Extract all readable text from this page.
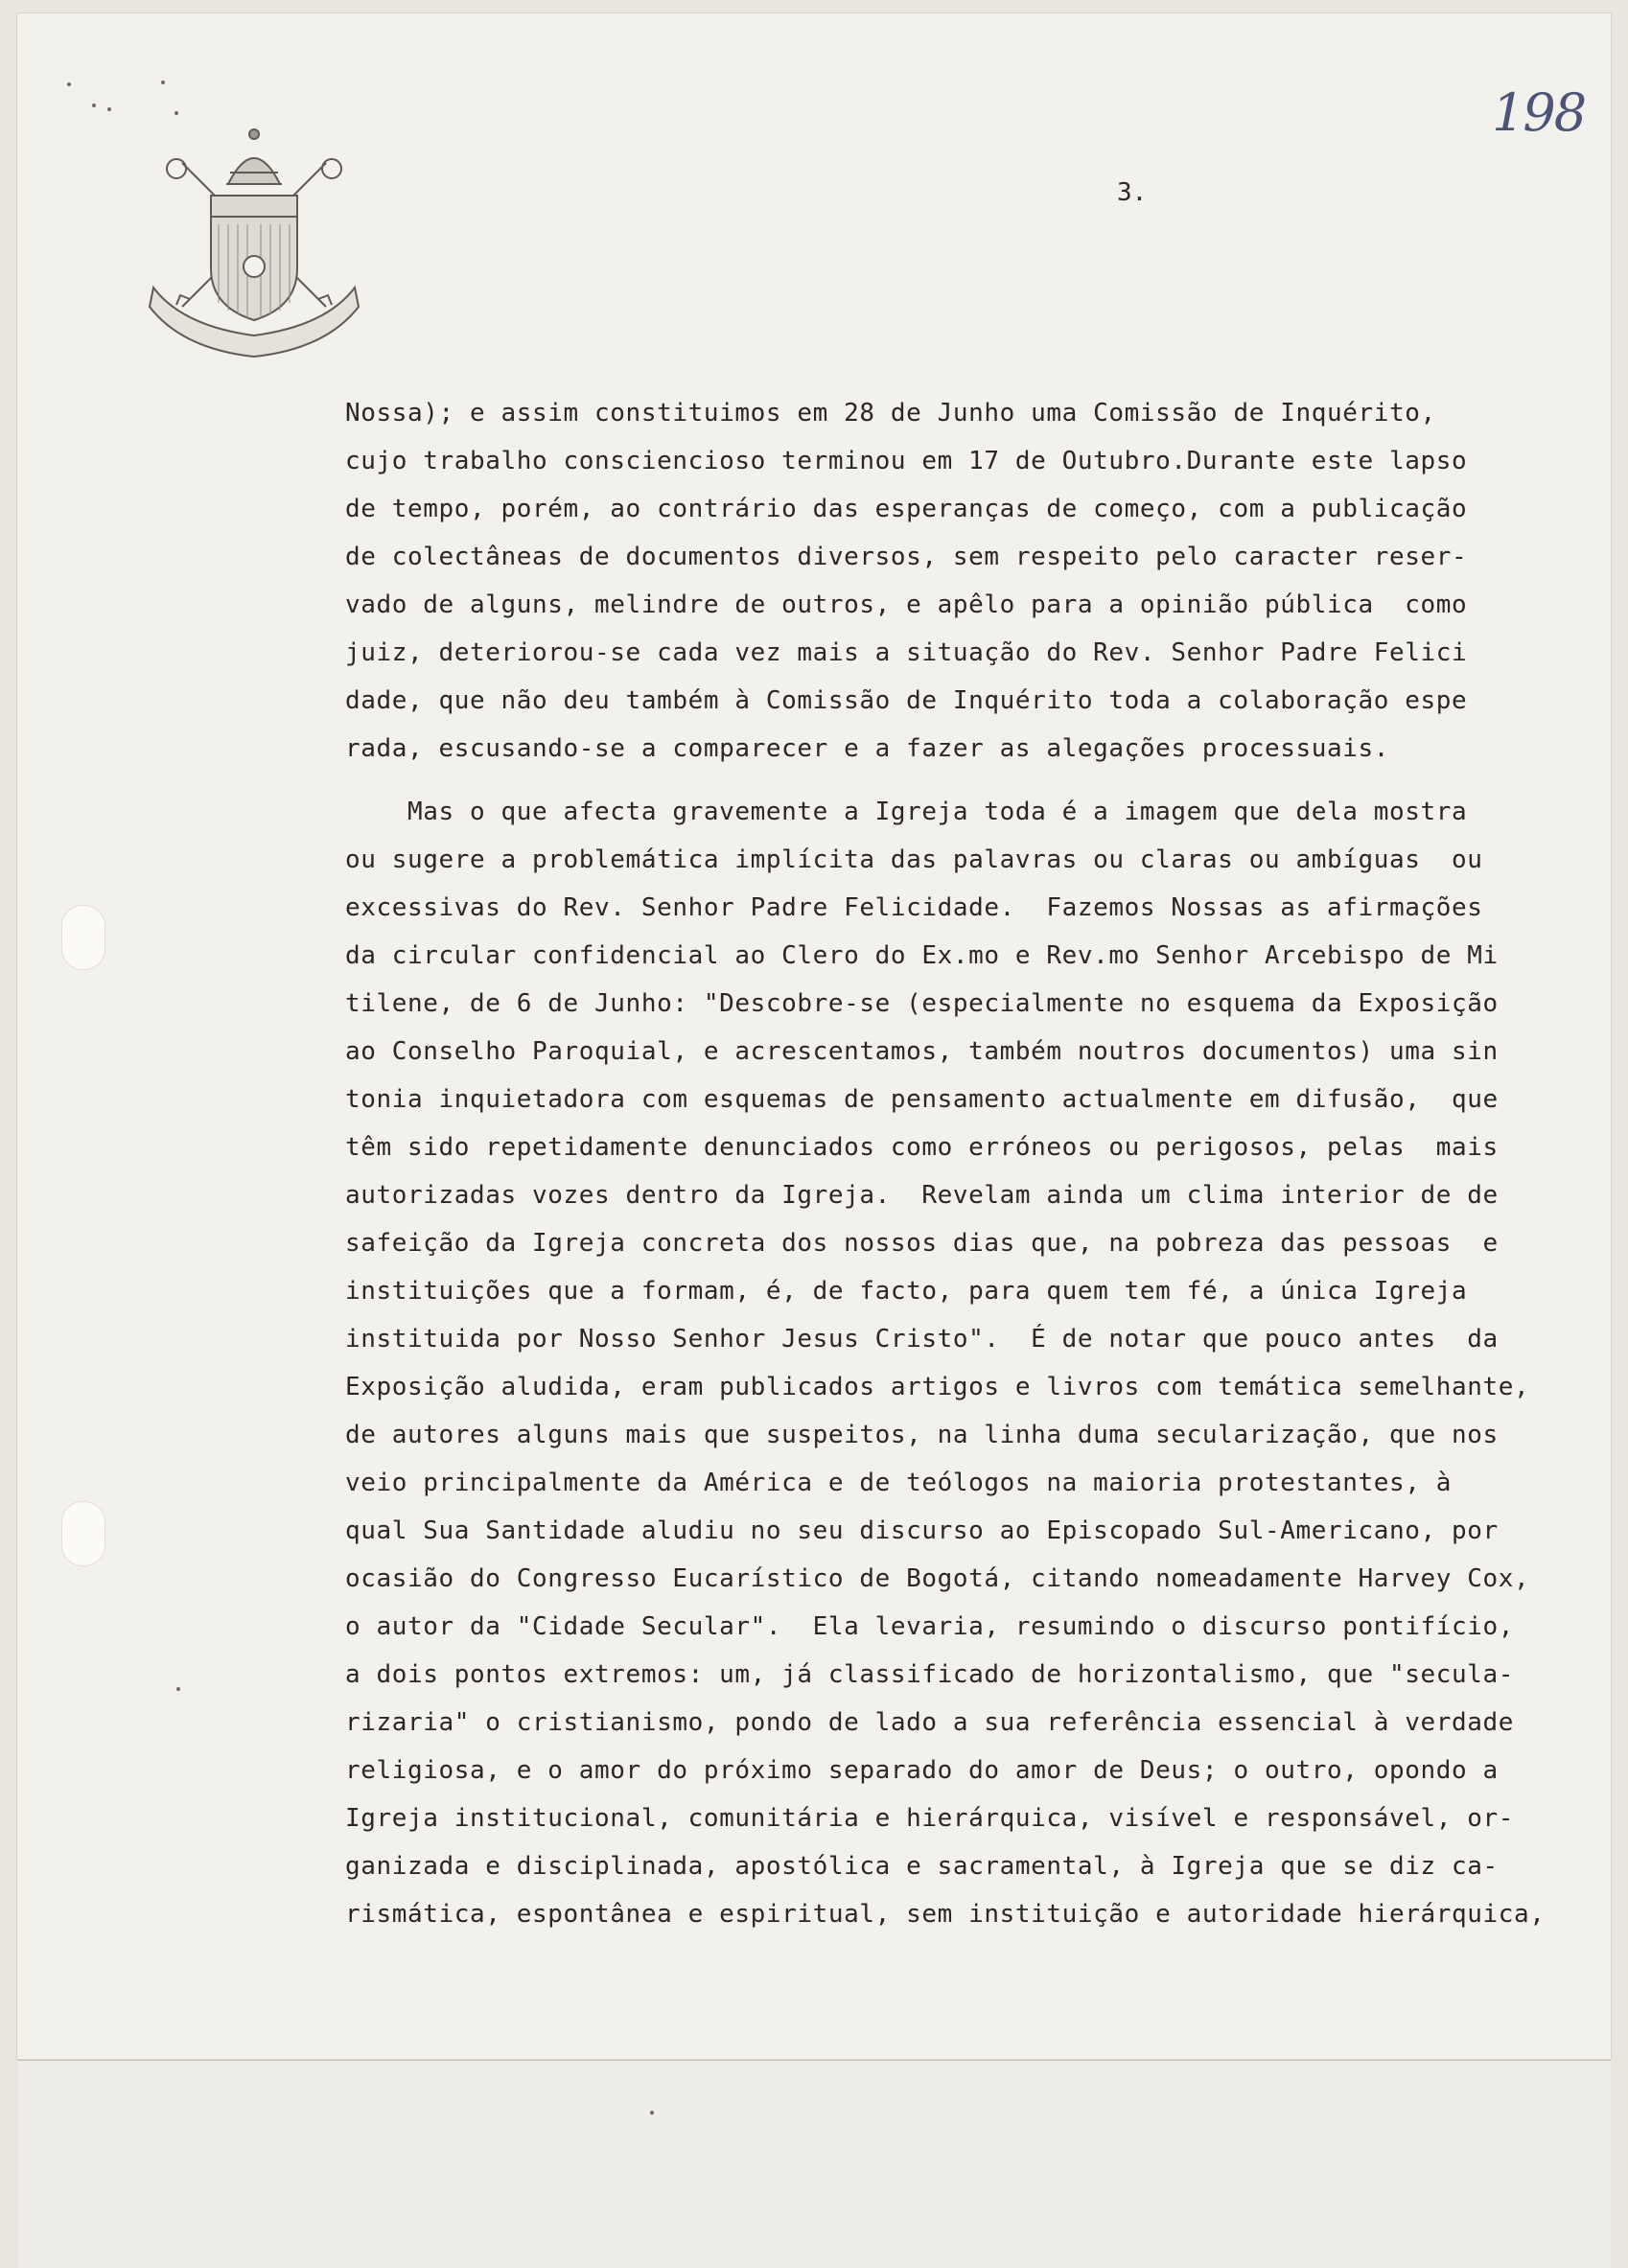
198
3.
Nossa); e assim constituimos em 28 de Junho uma Comissão de Inquérito,
cujo trabalho consciencioso terminou em 17 de Outubro.Durante este lapso
de tempo, porém, ao contrário das esperanças de começo, com a publicação
de colectâneas de documentos diversos, sem respeito pelo caracter reser-
vado de alguns, melindre de outros, e apêlo para a opinião pública  como
juiz, deteriorou-se cada vez mais a situação do Rev. Senhor Padre Felici
dade, que não deu também à Comissão de Inquérito toda a colaboração espe
rada, escusando-se a comparecer e a fazer as alegações processuais.
Mas o que afecta gravemente a Igreja toda é a imagem que dela mostra
ou sugere a problemática implícita das palavras ou claras ou ambíguas  ou
excessivas do Rev. Senhor Padre Felicidade.  Fazemos Nossas as afirmações
da circular confidencial ao Clero do Ex.mo e Rev.mo Senhor Arcebispo de Mi
tilene, de 6 de Junho: "Descobre-se (especialmente no esquema da Exposição
ao Conselho Paroquial, e acrescentamos, também noutros documentos) uma sin
tonia inquietadora com esquemas de pensamento actualmente em difusão,  que
têm sido repetidamente denunciados como erróneos ou perigosos, pelas  mais
autorizadas vozes dentro da Igreja.  Revelam ainda um clima interior de de
safeição da Igreja concreta dos nossos dias que, na pobreza das pessoas  e
instituições que a formam, é, de facto, para quem tem fé, a única Igreja
instituida por Nosso Senhor Jesus Cristo".  É de notar que pouco antes  da
Exposição aludida, eram publicados artigos e livros com temática semelhante,
de autores alguns mais que suspeitos, na linha duma secularização, que nos
veio principalmente da América e de teólogos na maioria protestantes, à
qual Sua Santidade aludiu no seu discurso ao Episcopado Sul-Americano, por
ocasião do Congresso Eucarístico de Bogotá, citando nomeadamente Harvey Cox,
o autor da "Cidade Secular".  Ela levaria, resumindo o discurso pontifício,
a dois pontos extremos: um, já classificado de horizontalismo, que "secula-
rizaria" o cristianismo, pondo de lado a sua referência essencial à verdade
religiosa, e o amor do próximo separado do amor de Deus; o outro, opondo a
Igreja institucional, comunitária e hierárquica, visível e responsável, or-
ganizada e disciplinada, apostólica e sacramental, à Igreja que se diz ca-
rismática, espontânea e espiritual, sem instituição e autoridade hierárquica,
